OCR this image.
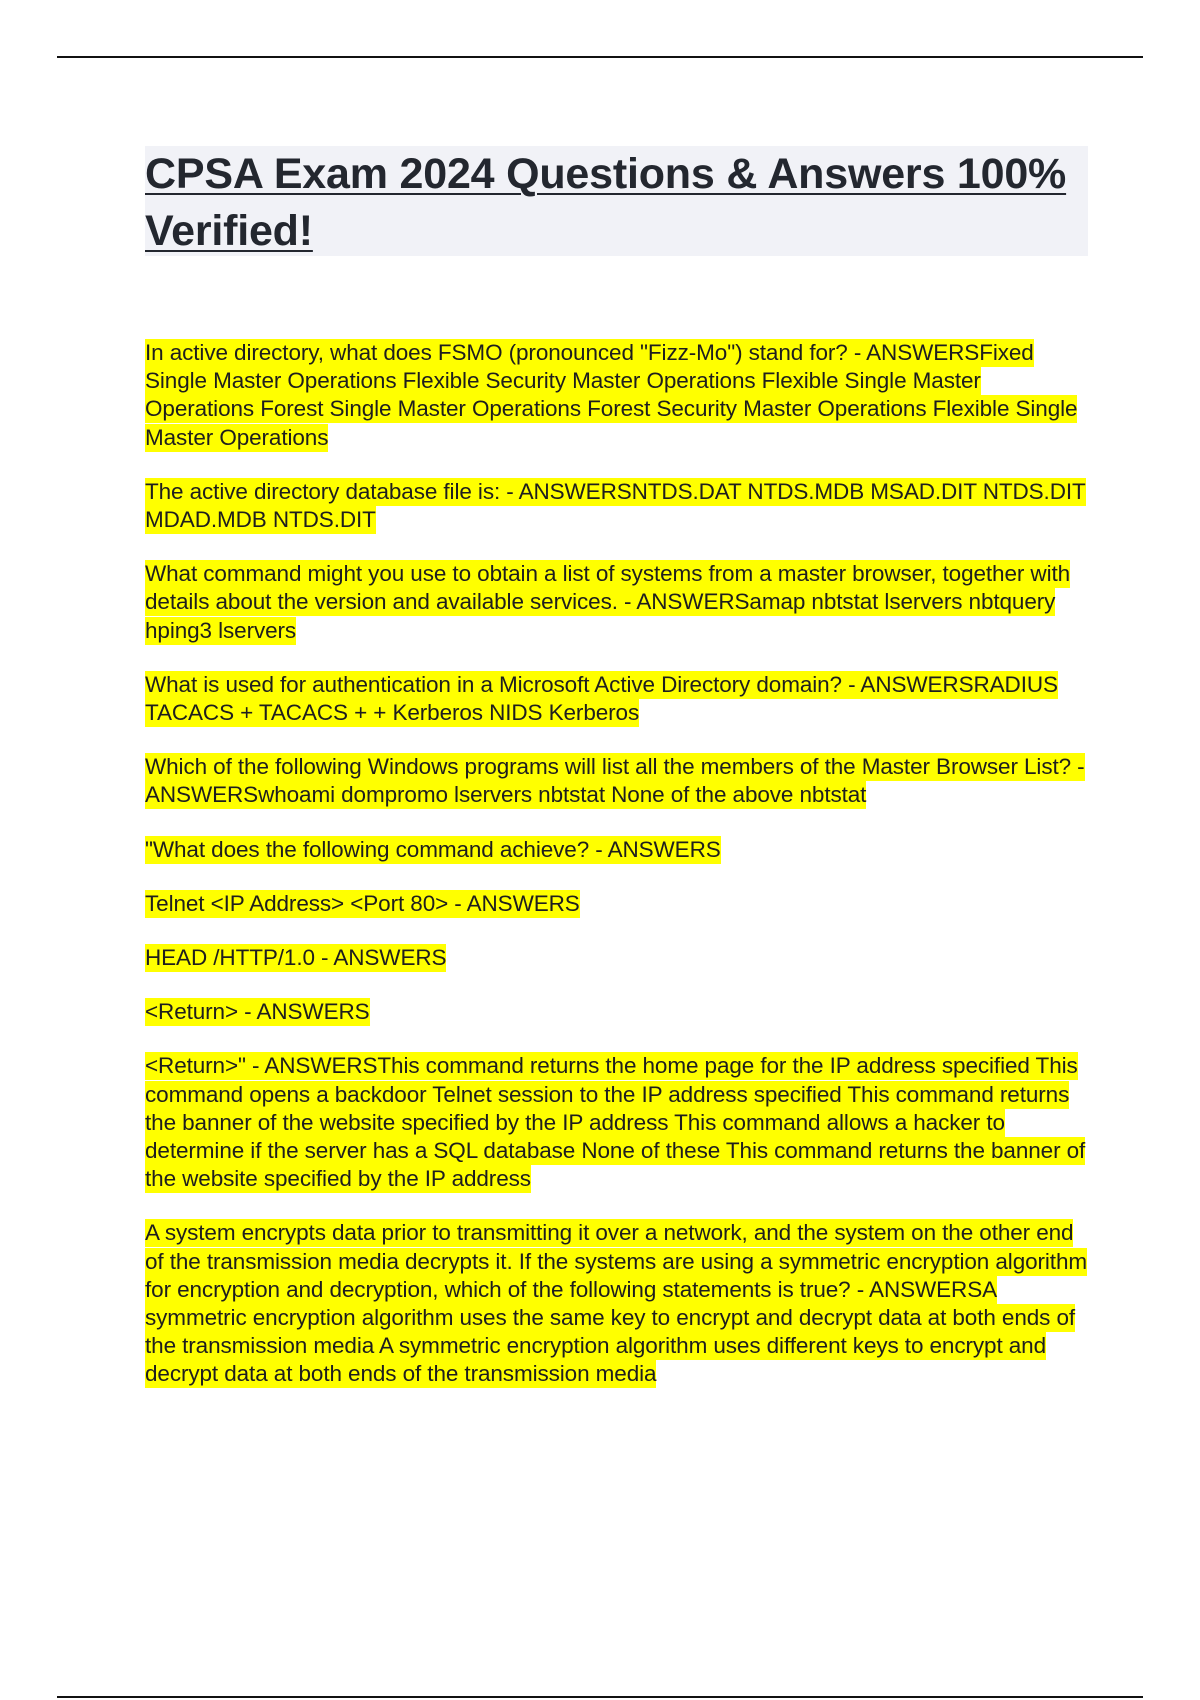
CPSA Exam 2024 Questions & Answers 100% Verified!

In active directory, what does FSMO (pronounced "Fizz-Mo") stand for? - ANSWERSFixed Single Master Operations Flexible Security Master Operations Flexible Single Master Operations Forest Single Master Operations Forest Security Master Operations Flexible Single Master Operations

The active directory database file is: - ANSWERSNTDS.DAT NTDS.MDB MSAD.DIT NTDS.DIT MDAD.MDB NTDS.DIT

What command might you use to obtain a list of systems from a master browser, together with details about the version and available services. - ANSWERSamap nbtstat lservers nbtquery hping3 lservers

What is used for authentication in a Microsoft Active Directory domain? - ANSWERSRADIUS TACACS + TACACS + + Kerberos NIDS Kerberos

Which of the following Windows programs will list all the members of the Master Browser List? - ANSWERSwhoami dompromo lservers nbtstat None of the above nbtstat

"What does the following command achieve? - ANSWERS

Telnet <IP Address> <Port 80> - ANSWERS

HEAD /HTTP/1.0 - ANSWERS

<Return> - ANSWERS

<Return>" - ANSWERSThis command returns the home page for the IP address specified This command opens a backdoor Telnet session to the IP address specified This command returns the banner of the website specified by the IP address This command allows a hacker to determine if the server has a SQL database None of these This command returns the banner of the website specified by the IP address

A system encrypts data prior to transmitting it over a network, and the system on the other end of the transmission media decrypts it. If the systems are using a symmetric encryption algorithm for encryption and decryption, which of the following statements is true? - ANSWERSA symmetric encryption algorithm uses the same key to encrypt and decrypt data at both ends of the transmission media A symmetric encryption algorithm uses different keys to encrypt and decrypt data at both ends of the transmission media
